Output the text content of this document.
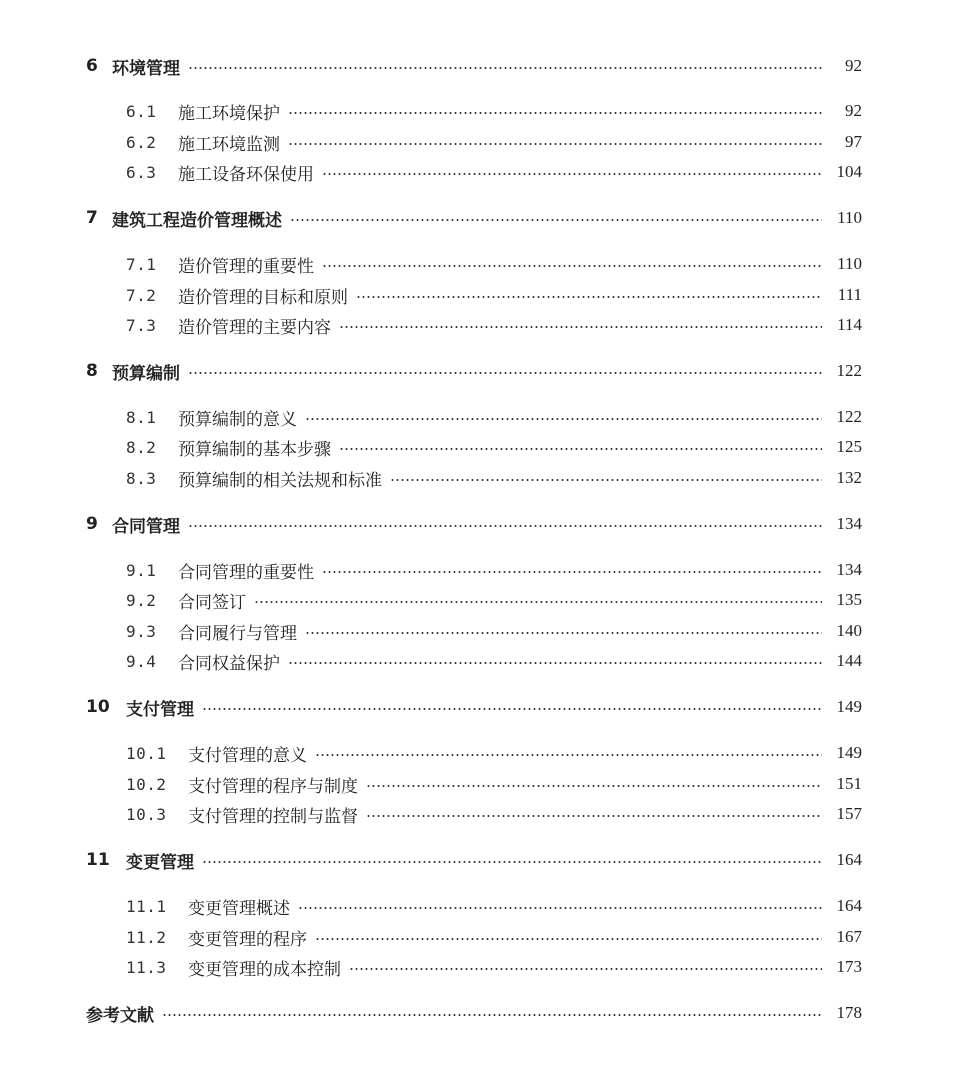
6 环境管理	92
6.1	施工环境保护	92
6.2	施工环境监测	97
6.3	施工设备环保使用	104
7 建筑工程造价管理概述	110
7.1	造价管理的重要性	110
7.2	造价管理的目标和原则	111
7.3	造价管理的主要内容	114
8 预算编制	122
8.1	预算编制的意义	122
8.2	预算编制的基本步骤	125
8.3	预算编制的相关法规和标准	132
9 合同管理	134
9.1	合同管理的重要性	134
9.2	合同签订	135
9.3	合同履行与管理	140
9.4	合同权益保护	144
10 支付管理	149
10.1	支付管理的意义	149
10.2	支付管理的程序与制度	151
10.3	支付管理的控制与监督	157
11 变更管理	164
11.1	变更管理概述	164
11.2	变更管理的程序	167
11.3	变更管理的成本控制	173
参考文献	178
